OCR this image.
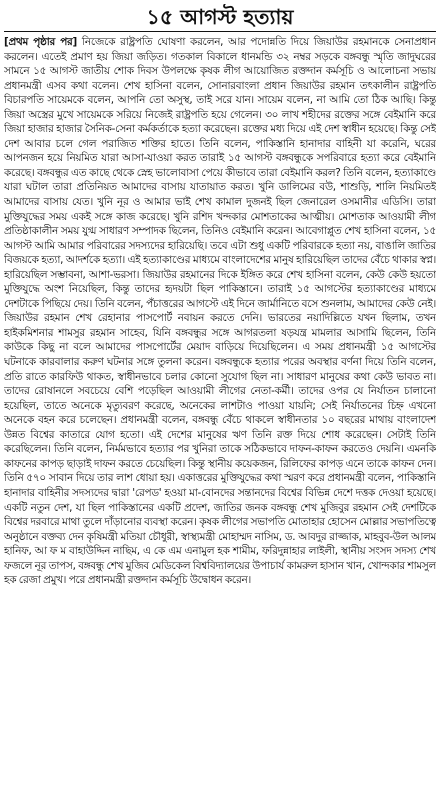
১৫ আগস্ট হত্যায়

[প্রথম পৃষ্ঠার পর] নিজেকে রাষ্ট্রপতি ঘোষণা করলেন, আর পদোন্নতি দিয়ে জিয়াউর রহমানকে সেনাপ্রধান করলেন। এতেই প্রমাণ হয় জিয়া জড়িত। গতকাল বিকালে ধানমন্ডি ৩২ নম্বর সড়কে বঙ্গবন্ধু স্মৃতি জাদুঘরের সামনে ১৫ আগস্ট জাতীয় শোক দিবস উপলক্ষে কৃষক লীগ আয়োজিত রক্তদান কর্মসূচি ও আলোচনা সভায় প্রধানমন্ত্রী এসব কথা বলেন। শেখ হাসিনা বলেন, সোনারবাংলা প্রধান জিয়াউর রহমান তৎকালীন রাষ্ট্রপতি বিচারপতি সায়েমকে বলেন, আপনি তো অসুস্থ, তাই সরে যান। সায়েম বলেন, না আমি তো ঠিক আছি। কিন্তু জিয়া অস্ত্রের মুখে সায়েমকে সরিয়ে নিজেই রাষ্ট্রপতি হয়ে গেলেন। ৩০ লাখ শহীদের রক্তের সঙ্গে বেইমানি করে জিয়া হাজার হাজার সৈনিক-সেনা কর্মকর্তাকে হত্যা করেছেন। রক্তের মধ্য দিয়ে এই দেশ স্বাধীন হয়েছে। কিন্তু সেই দেশ আবার চলে গেল পরাজিত শক্তির হাতে। তিনি বলেন, পাকিস্তানি হানাদার বাহিনী যা করেনি, ঘরের আপনজন হয়ে নিয়মিত যারা আসা-যাওয়া করত তারাই ১৫ আগস্ট বঙ্গবন্ধুকে সপরিবারে হত্যা করে বেইমানি করেছে। বঙ্গবন্ধুর এত কাছে থেকে স্নেহ ভালোবাসা পেয়ে কীভাবে তারা বেইমানি করল? তিনি বলেন, হত্যাকাণ্ডে যারা ঘটাল তারা প্রতিনিয়ত আমাদের বাসায় যাতায়াত করত। খুনি ডালিমের বউ, শাশুড়ি, শালি নিয়মিতই আমাদের বাসায় যেত। খুনি নূর ও আমার ভাই শেখ কামাল দুজনই ছিল জেনারেল ওসমানীর এডিসি। তারা মুক্তিযুদ্ধের সময় একই সঙ্গে কাজ করেছে। খুনি রশিদ খন্দকার মোশতাকের আত্মীয়। মোশতাক আওয়ামী লীগ প্রতিষ্ঠাকালীন সময় যুগ্ম সাধারণ সম্পাদক ছিলেন, তিনিও বেইমানি করেন। আবেগাপ্লুত শেখ হাসিনা বলেন, ১৫ আগস্ট আমি আমার পরিবারের সদস্যদের হারিয়েছি। তবে এটা শুধু একটি পরিবারকে হত্যা নয়, বাঙালি জাতির বিজয়কে হত্যা, আদর্শকে হত্যা। এই হত্যাকাণ্ডের মাধ্যমে বাংলাদেশের মানুষ হারিয়েছিল তাদের বেঁচে থাকার স্বপ্ন। হারিয়েছিল সম্ভাবনা, আশা-ভরসা। জিয়াউর রহমানের দিকে ইঙ্গিত করে শেখ হাসিনা বলেন, কেউ কেউ হয়তো মুক্তিযুদ্ধে অংশ নিয়েছিল, কিন্তু তাদের হৃদয়টা ছিল পাকিস্তানে। তারাই ১৫ আগস্টের হত্যাকাণ্ডের মাধ্যমে দেশটাকে পিছিয়ে দেয়। তিনি বলেন, পঁচাত্তরের আগস্টে এই দিনে জার্মানিতে বসে শুনলাম, আমাদের কেউ নেই। জিয়াউর রহমান শেখ রেহানার পাসপোর্ট নবায়ন করতে দেনি। ভারতের নয়াদিল্লিতে যখন ছিলাম, তখন হাইকমিশনার শামসুর রহমান সাহেব, যিনি বঙ্গবন্ধুর সঙ্গে আগরতলা ষড়যন্ত্র মামলার আসামি ছিলেন, তিনি কাউকে কিছু না বলে আমাদের পাসপোর্টের মেয়াদ বাড়িয়ে দিয়েছিলেন। এ সময় প্রধানমন্ত্রী ১৫ আগস্টের ঘটনাকে কারবালার করুণ ঘটনার সঙ্গে তুলনা করেন। বঙ্গবন্ধুকে হত্যার পরের অবস্থার বর্ণনা দিয়ে তিনি বলেন, প্রতি রাতে কারফিউ থাকত, স্বাধীনভাবে চলার কোনো সুযোগ ছিল না। সাধারণ মানুষের কথা কেউ ভাবত না। তাদের রোষানলে সবচেয়ে বেশি পড়েছিল আওয়ামী লীগের নেতা-কর্মী। তাদের ওপর যে নির্যাতন চালানো হয়েছিল, তাতে অনেকে মৃত্যুবরণ করেছে, অনেকের লাশটাও পাওয়া যায়নি; সেই নির্যাতনের চিহ্ন এখনো অনেকে বহন করে চলেছেন। প্রধানমন্ত্রী বলেন, বঙ্গবন্ধু বেঁচে থাকলে স্বাধীনতার ১০ বছরের মাথায় বাংলাদেশ উন্নত বিশ্বের কাতারে যোগ হতো। এই দেশের মানুষের ঋণ তিনি রক্ত দিয়ে শোধ করেছেন। সেটাই তিনি করেছিলেন। তিনি বলেন, নির্মমভাবে হত্যার পর খুনিরা তাকে সঠিকভাবে দাফন-কাফন করতেও দেয়নি। এমনকি কাফনের কাপড় ছাড়াই দাফন করতে চেয়েছিল। কিন্তু স্থানীয় কয়েকজন, রিলিফের কাপড় এনে তাকে কাফন দেন। তিনি ৫৭০ সাবান দিয়ে তার লাশ ধোয়া হয়। একাত্তরের মুক্তিযুদ্ধের কথা স্মরণ করে প্রধানমন্ত্রী বলেন, পাকিস্তানি হানাদার বাহিনীর সদস্যদের দ্বারা 'রেপড' হওয়া মা-বোনদের সন্তানদের বিশ্বের বিভিন্ন দেশে দত্তক দেওয়া হয়েছে। একটি নতুন দেশ, যা ছিল পাকিস্তানের একটি প্রদেশ, জাতির জনক বঙ্গবন্ধু শেখ মুজিবুর রহমান সেই দেশটিকে বিশ্বের দরবারে মাথা তুলে দাঁড়ানোর ব্যবস্থা করেন। কৃষক লীগের সভাপতি মোতাহার হোসেন মোল্লার সভাপতিত্বে অনুষ্ঠানে বক্তব্য দেন কৃষিমন্ত্রী মতিয়া চৌধুরী, স্বাস্থ্যমন্ত্রী মোহাম্মদ নাসিম, ড. আবদুর রাজ্জাক, মাহবুব-উল আলম হানিফ, আ ফ ম বাহাউদ্দিন নাছিম, এ কে এম এনামুল হক শামীম, ফরিদুন্নাহার লাইলী, স্থানীয় সংসদ সদস্য শেখ ফজলে নূর তাপস, বঙ্গবন্ধু শেখ মুজিব মেডিকেল বিশ্ববিদ্যালয়ের উপাচার্য কামরুল হাসান খান, খোন্দকার শামসুল হক রেজা প্রমুখ। পরে প্রধানমন্ত্রী রক্তদান কর্মসূচি উদ্বোধন করেন।
